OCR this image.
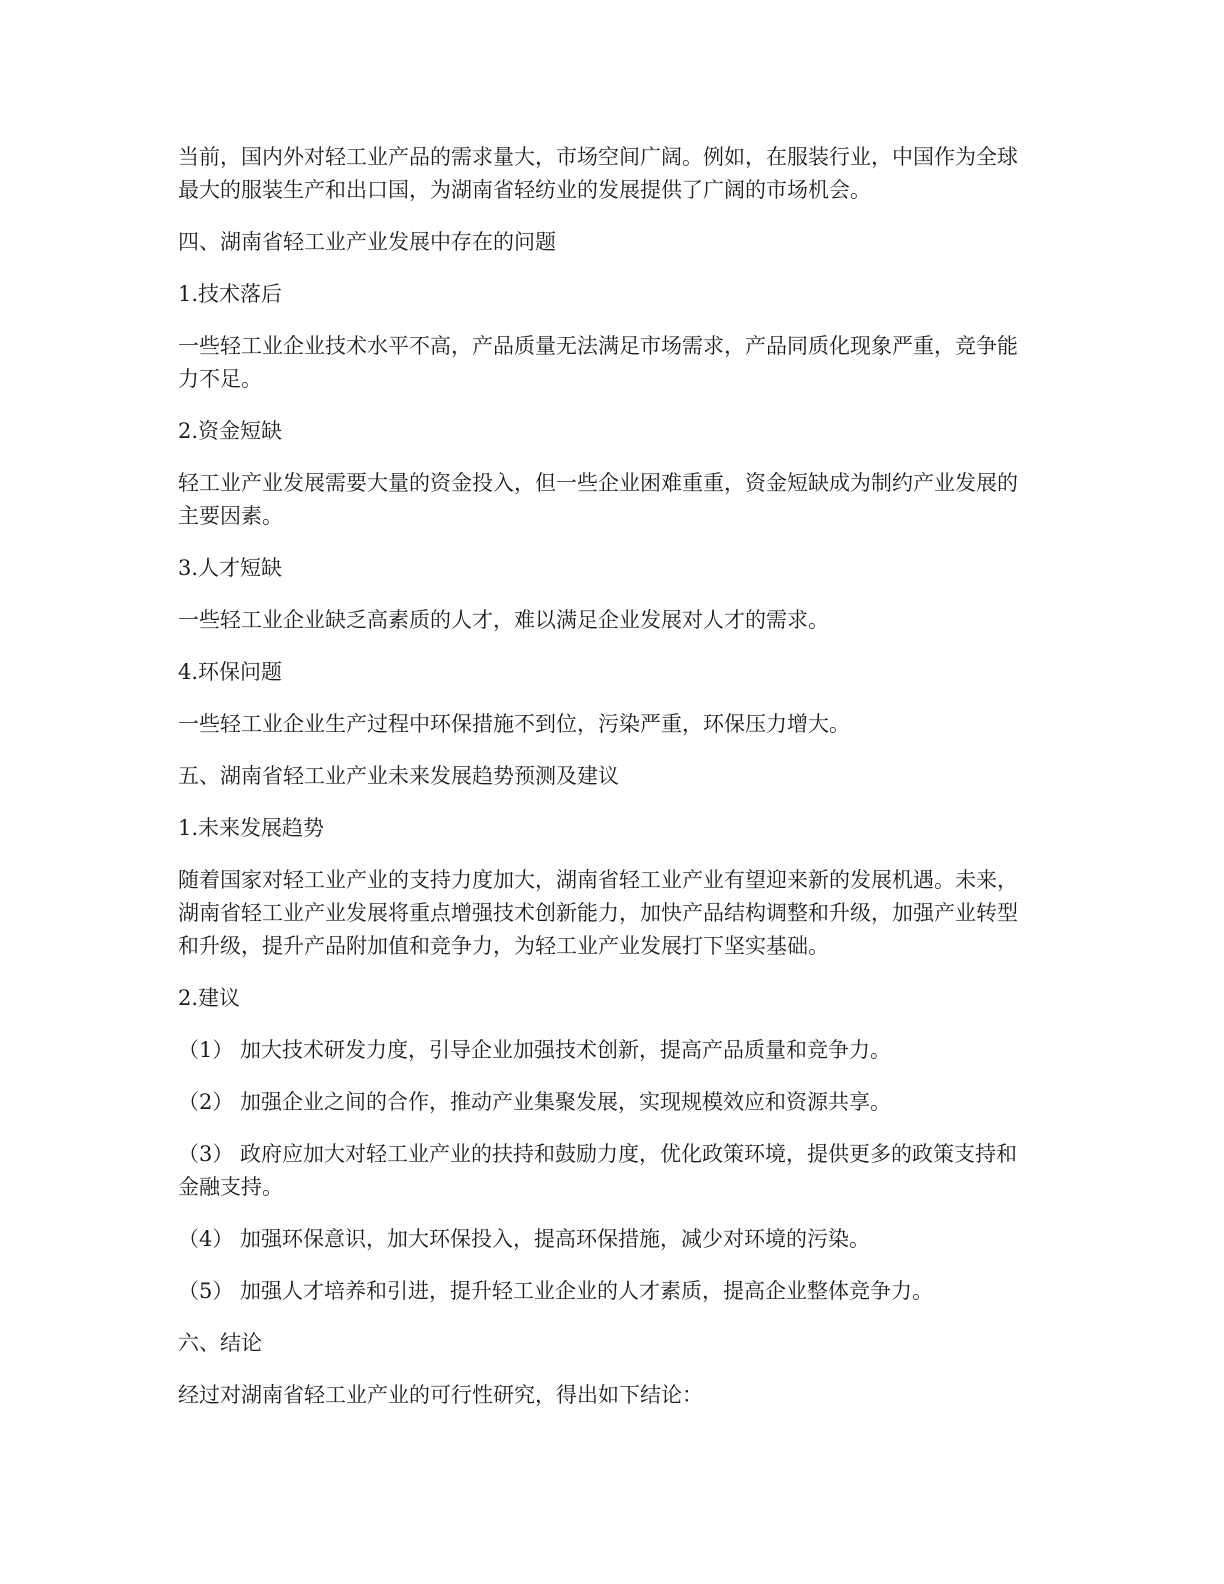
当前，国内外对轻工业产品的需求量大，市场空间广阔。例如，在服装行业，中国作为全球最大的服装生产和出口国，为湖南省轻纺业的发展提供了广阔的市场机会。

四、湖南省轻工业产业发展中存在的问题

1.技术落后

一些轻工业企业技术水平不高，产品质量无法满足市场需求，产品同质化现象严重，竞争能力不足。

2.资金短缺

轻工业产业发展需要大量的资金投入，但一些企业困难重重，资金短缺成为制约产业发展的主要因素。

3.人才短缺

一些轻工业企业缺乏高素质的人才，难以满足企业发展对人才的需求。

4.环保问题

一些轻工业企业生产过程中环保措施不到位，污染严重，环保压力增大。

五、湖南省轻工业产业未来发展趋势预测及建议

1.未来发展趋势

随着国家对轻工业产业的支持力度加大，湖南省轻工业产业有望迎来新的发展机遇。未来，湖南省轻工业产业发展将重点增强技术创新能力，加快产品结构调整和升级，加强产业转型和升级，提升产品附加值和竞争力，为轻工业产业发展打下坚实基础。

2.建议

（1） 加大技术研发力度，引导企业加强技术创新，提高产品质量和竞争力。

（2） 加强企业之间的合作，推动产业集聚发展，实现规模效应和资源共享。

（3） 政府应加大对轻工业产业的扶持和鼓励力度，优化政策环境，提供更多的政策支持和金融支持。

（4） 加强环保意识，加大环保投入，提高环保措施，减少对环境的污染。

（5） 加强人才培养和引进，提升轻工业企业的人才素质，提高企业整体竞争力。

六、结论

经过对湖南省轻工业产业的可行性研究，得出如下结论：
